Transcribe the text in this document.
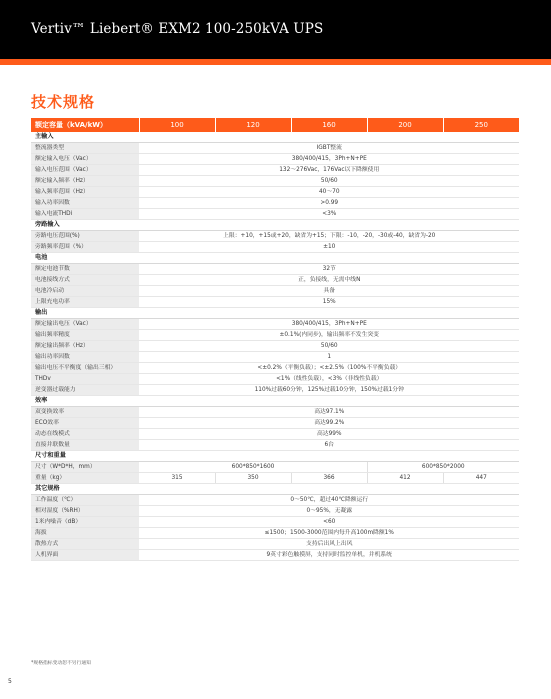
Vertiv™ Liebert® EXM2 100-250kVA UPS
技术规格
额定容量（kVA/kW）	100	120	160	200	250
主输入					
整流器类型	IGBT整流				
额定输入电压（Vac）	380/400/415，3Ph+N+PE				
输入电压范围（Vac）	132～276Vac，176Vac以下降额使用				
额定输入频率（Hz）	50/60				
输入频率范围（Hz）	40～70				
输入功率因数	>0.99				
输入电流THDi	<3%				
旁路输入					
旁路电压范围(%)	上限：+10，+15或+20，缺省为+15；下限：-10，-20，-30或-40，缺省为-20				
旁路频率范围（%）	±10				
电池					
额定电池节数	32节				
电池接线方式	正，负接线，无需中线N				
电池冷启动	具备				
上限充电功率	15%				
输出					
额定输出电压（Vac）	380/400/415，3Ph+N+PE				
输出频率精度	±0.1%(内同步)，输出频率不发生突变				
额定输出频率（Hz）	50/60				
输出功率因数	1				
输出电压不平衡度（输出三相）	<±0.2%（平衡负载）；<±2.5%（100%不平衡负载）				
THDv	<1%（线性负载），<3%（非线性负载）				
逆变器过载能力	110%过载60分钟，125%过载10分钟，150%过载1分钟				
效率					
双变换效率	高达97.1%				
ECO效率	高达99.2%				
动态在线模式	高达99%				
直接并联数量	6台				
尺寸和重量					
尺寸（W*D*H，mm）	600*850*1600			600*850*2000	
重量（kg）	315	350	366	412	447
其它规格					
工作温度（℃）	0～50℃，超过40℃降额运行				
相对湿度（%RH）	0～95%，无凝露				
1米内噪音（dB）	<60				
海拔	≤1500；1500-3000范围内每升高100m降额1%				
散热方式	支持后出风上出风				
人机界面	9英寸彩色触摸屏，支持同时监控单机，并机系统				
*规格指标变动恕不另行通知
5
